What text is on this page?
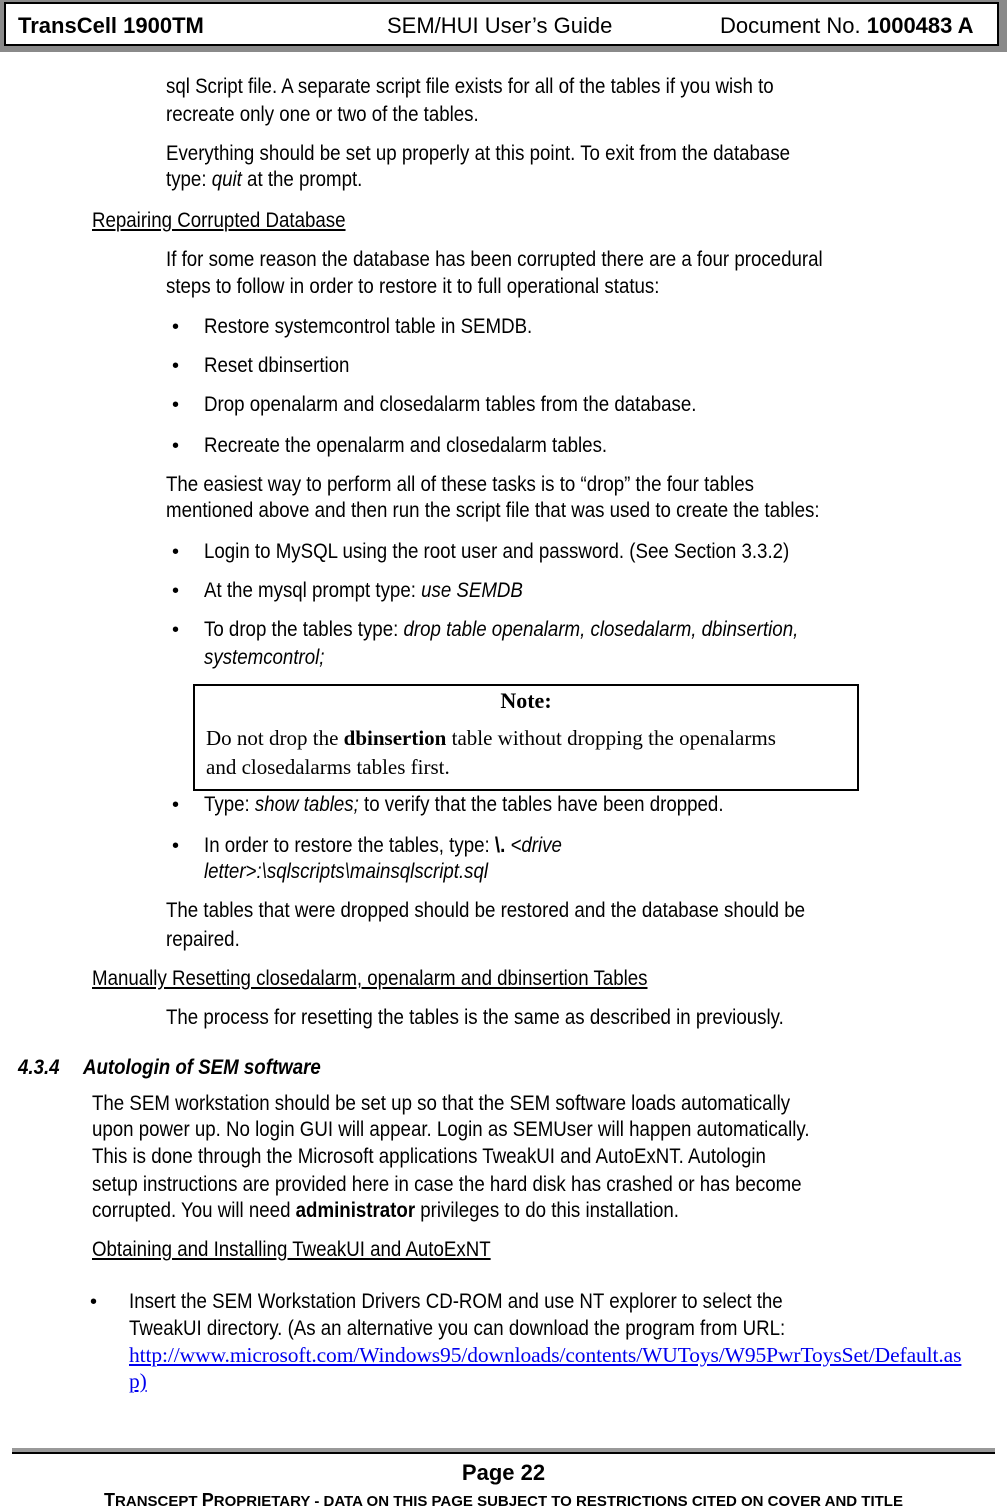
TransCell 1900TM	SEM/HUI User’s Guide	Document No. 1000483 A
sql Script file. A separate script file exists for all of the tables if you wish to
recreate only one or two of the tables.
Everything should be set up properly at this point. To exit from the database
type: quit at the prompt.
Repairing Corrupted Database
If for some reason the database has been corrupted there are a four procedural
steps to follow in order to restore it to full operational status:
• Restore systemcontrol table in SEMDB.
• Reset dbinsertion
• Drop openalarm and closedalarm tables from the database.
• Recreate the openalarm and closedalarm tables.
The easiest way to perform all of these tasks is to “drop” the four tables
mentioned above and then run the script file that was used to create the tables:
• Login to MySQL using the root user and password. (See Section 3.3.2)
• At the mysql prompt type: use SEMDB
• To drop the tables type: drop table openalarm, closedalarm, dbinsertion,
systemcontrol;
Note:
Do not drop the dbinsertion table without dropping the openalarms
and closedalarms tables first.
• Type: show tables; to verify that the tables have been dropped.
• In order to restore the tables, type: \. <drive
letter>:\sqlscripts\mainsqlscript.sql
The tables that were dropped should be restored and the database should be
repaired.
Manually Resetting closedalarm, openalarm and dbinsertion Tables
The process for resetting the tables is the same as described in previously.
4.3.4 Autologin of SEM software
The SEM workstation should be set up so that the SEM software loads automatically
upon power up. No login GUI will appear. Login as SEMUser will happen automatically.
This is done through the Microsoft applications TweakUI and AutoExNT. Autologin
setup instructions are provided here in case the hard disk has crashed or has become
corrupted. You will need administrator privileges to do this installation.
Obtaining and Installing TweakUI and AutoExNT
• Insert the SEM Workstation Drivers CD-ROM and use NT explorer to select the
TweakUI directory. (As an alternative you can download the program from URL:
http://www.microsoft.com/Windows95/downloads/contents/WUToys/W95PwrToysSet/Default.as
p)
Page 22
TRANSCEPT PROPRIETARY - DATA ON THIS PAGE SUBJECT TO RESTRICTIONS CITED ON COVER AND TITLE
